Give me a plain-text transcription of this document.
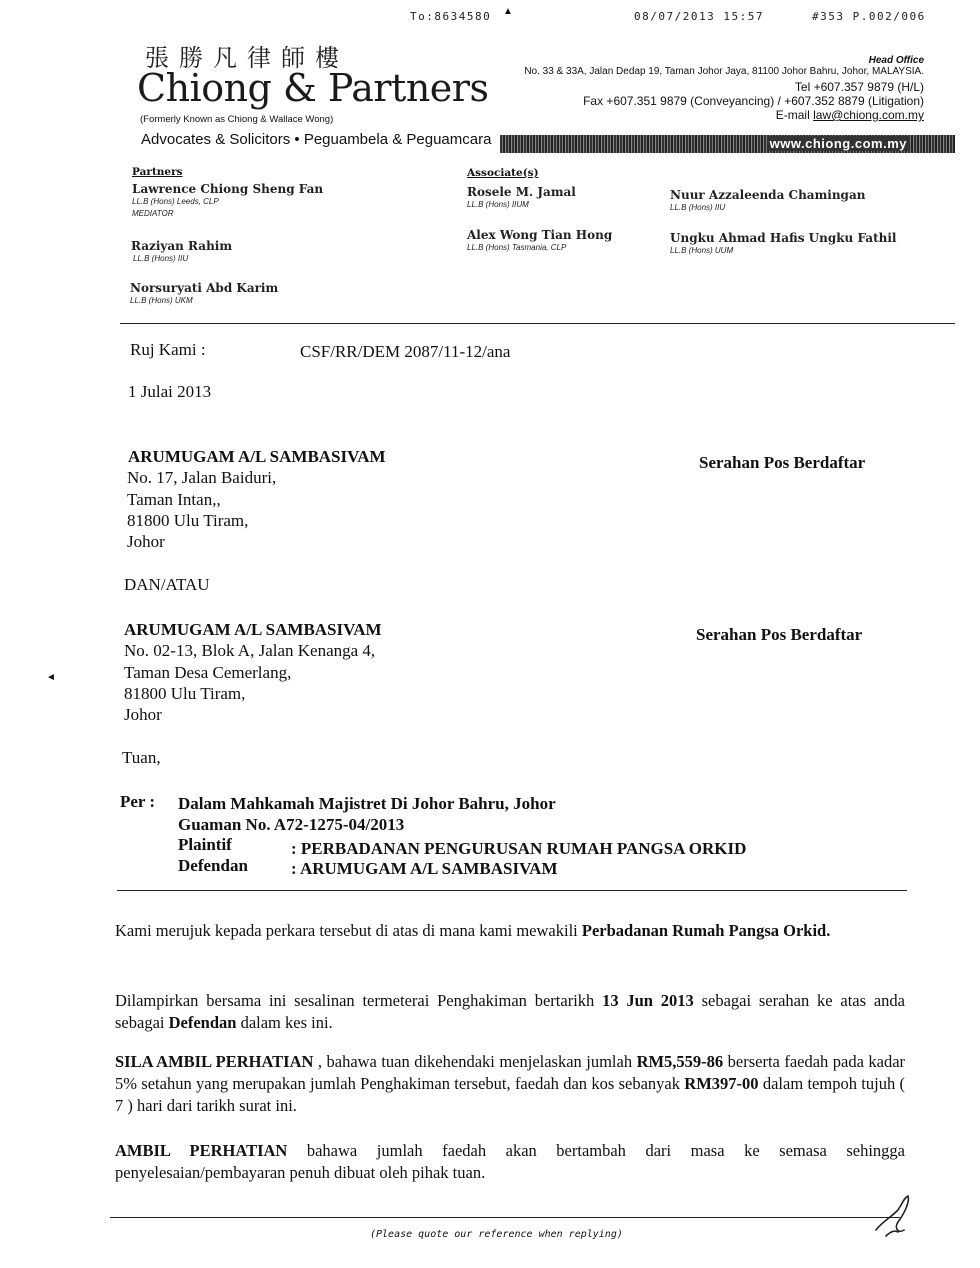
To:8634580 ▲	08/07/2013 15:57	#353 P.002/006
張勝凡律師樓
Chiong & Partners
(Formerly Known as Chiong & Wallace Wong)
Advocates & Solicitors • Peguambela & Peguamcara
Head Office
No. 33 & 33A, Jalan Dedap 19, Taman Johor Jaya, 81100 Johor Bahru, Johor, MALAYSIA.
Tel +607.357 9879 (H/L)
Fax +607.351 9879 (Conveyancing) / +607.352 8879 (Litigation)
E-mail law@chiong.com.my
www.chiong.com.my
Partners
Lawrence Chiong Sheng Fan
LL.B (Hons) Leeds, CLP
MEDIATOR
Raziyan Rahim
LL.B (Hons) IIU
Norsuryati Abd Karim
LL.B (Hons) UKM
Associate(s)
Rosele M. Jamal
LL.B (Hons) IIUM
Alex Wong Tian Hong
LL.B (Hons) Tasmania, CLP
Nuur Azzaleenda Chamingan
LL.B (Hons) IIU
Ungku Ahmad Hafis Ungku Fathil
LL.B (Hons) UUM
Ruj Kami :	CSF/RR/DEM 2087/11-12/ana
1 Julai 2013
ARUMUGAM A/L SAMBASIVAM
No. 17, Jalan Baiduri,
Taman Intan,,
81800 Ulu Tiram,
Johor
Serahan Pos Berdaftar
DAN/ATAU
ARUMUGAM A/L SAMBASIVAM
No. 02-13, Blok A, Jalan Kenanga 4,
Taman Desa Cemerlang,
81800 Ulu Tiram,
Johor
Serahan Pos Berdaftar
◄
Tuan,
Per : Dalam Mahkamah Majistret Di Johor Bahru, Johor
Guaman No. A72-1275-04/2013
Plaintif	: PERBADANAN PENGURUSAN RUMAH PANGSA ORKID
Defendan	: ARUMUGAM A/L SAMBASIVAM
Kami merujuk kepada perkara tersebut di atas di mana kami mewakili Perbadanan Rumah Pangsa Orkid.
Dilampirkan bersama ini sesalinan termeterai Penghakiman bertarikh 13 Jun 2013 sebagai serahan ke atas anda sebagai Defendan dalam kes ini.
SILA AMBIL PERHATIAN , bahawa tuan dikehendaki menjelaskan jumlah RM5,559-86 berserta faedah pada kadar 5% setahun yang merupakan jumlah Penghakiman tersebut, faedah dan kos sebanyak RM397-00 dalam tempoh tujuh ( 7 ) hari dari tarikh surat ini.
AMBIL PERHATIAN bahawa jumlah faedah akan bertambah dari masa ke semasa sehingga penyelesaian/pembayaran penuh dibuat oleh pihak tuan.
(Please quote our reference when replying)
